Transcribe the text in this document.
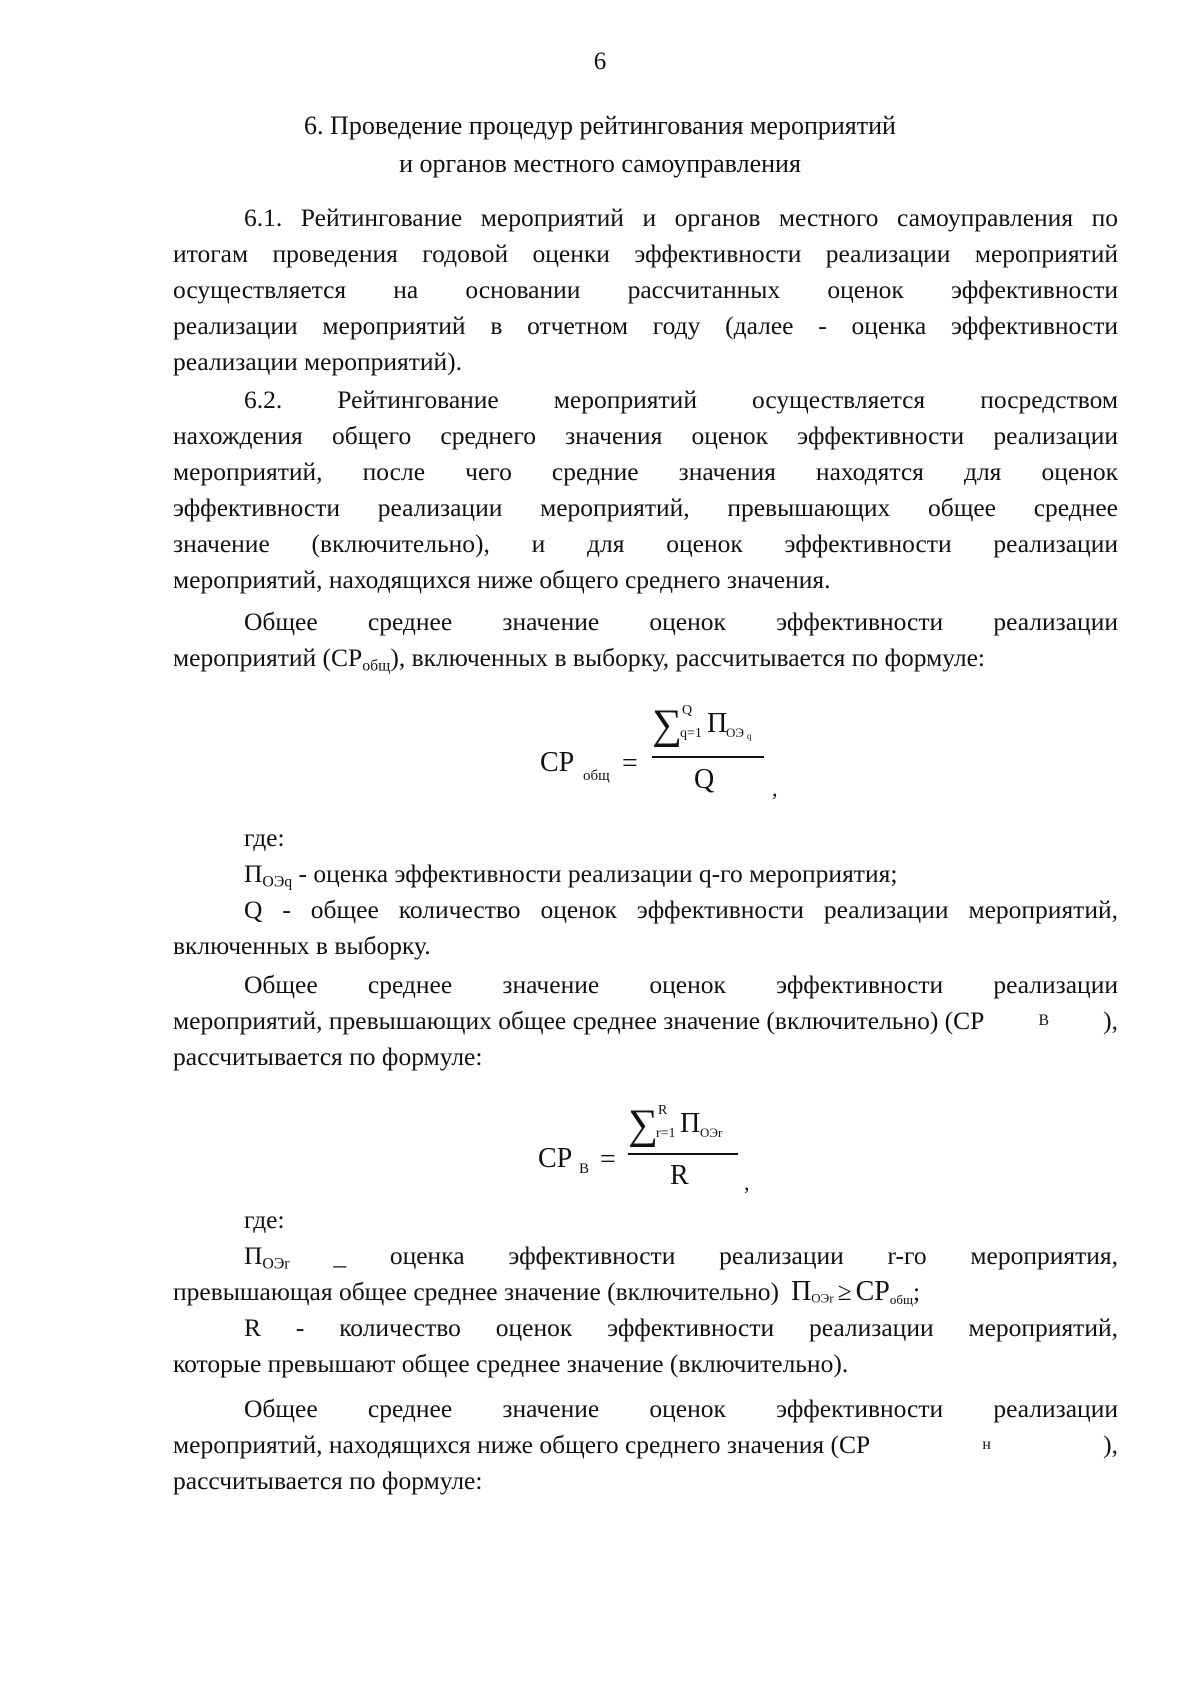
6
6. Проведение процедур рейтингования мероприятий
и органов местного самоуправления
6.1. Рейтингование мероприятий и органов местного самоуправления по
итогам проведения годовой оценки эффективности реализации мероприятий
осуществляется на основании рассчитанных оценок эффективности
реализации мероприятий в отчетном году (далее - оценка эффективности
реализации мероприятий).
6.2. Рейтингование мероприятий осуществляется посредством
нахождения общего среднего значения оценок эффективности реализации
мероприятий, после чего средние значения находятся для оценок
эффективности реализации мероприятий, превышающих общее среднее
значение (включительно), и для оценок эффективности реализации
мероприятий, находящихся ниже общего среднего значения.
Общее среднее значение оценок эффективности реализации
мероприятий $(СР_{общ})$, включенных в выборку, рассчитывается по формуле:
CP общ =
∑ Q
q=1 П
ОЭ q
Q	,
где:
$П_{ОЭq}$ - оценка эффективности реализации q-го мероприятия;
Q - общее количество оценок эффективности реализации мероприятий,
включенных в выборку.
Общее среднее значение оценок эффективности реализации
мероприятий, превышающих общее среднее значение (включительно) (СР	В ),
рассчитывается по формуле:
CP B =
∑ R
r=1 П ОЭr
R	,
где:
$П_{ОЭr}$ _ оценка эффективности реализации r-го мероприятия,
превышающая общее среднее значение (включительно) ПОЭr ≥ CPобщ;
R - количество оценок эффективности реализации мероприятий,
которые превышают общее среднее значение (включительно).
Общее среднее значение оценок эффективности реализации
мероприятий, находящихся ниже общего среднего значения (СР	н	),
рассчитывается по формуле:
